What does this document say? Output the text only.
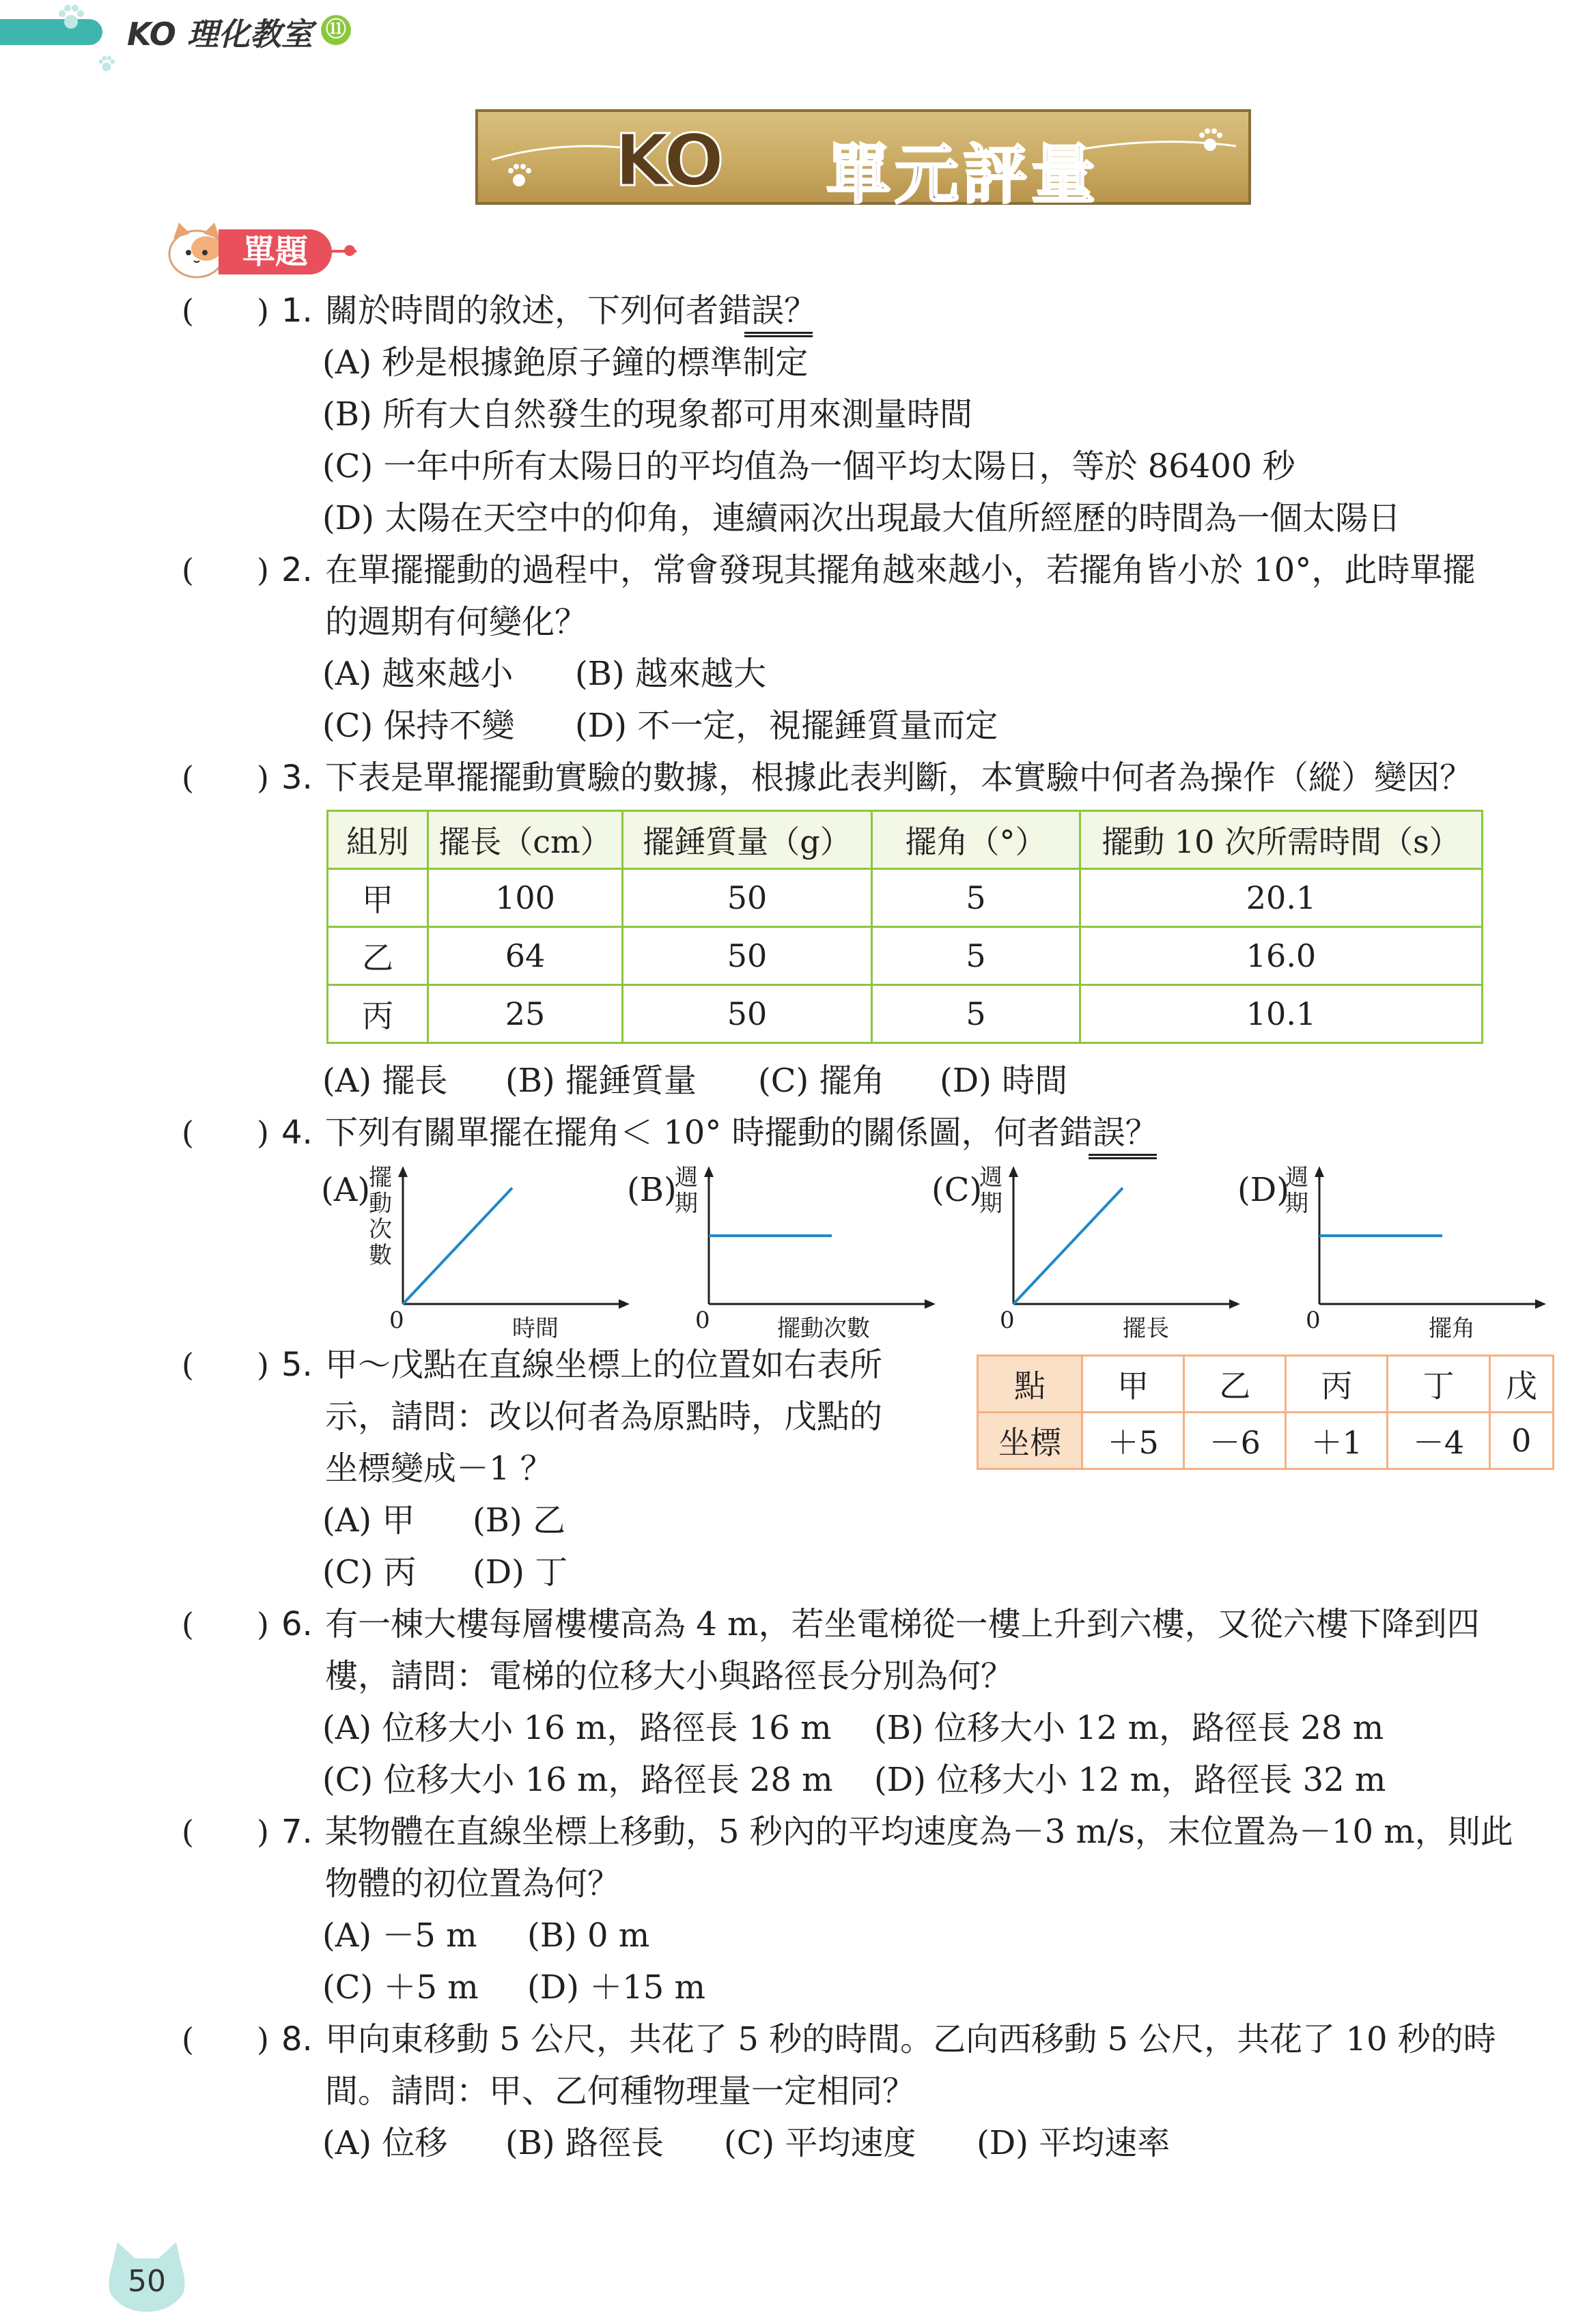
KO 理化教室 ⑪
KO 單元評量
單題
(　　) 1. 關於時間的敘述，下列何者錯誤？
(A) 秒是根據銫原子鐘的標準制定
(B) 所有大自然發生的現象都可用來測量時間
(C) 一年中所有太陽日的平均值為一個平均太陽日，等於 86400 秒
(D) 太陽在天空中的仰角，連續兩次出現最大值所經歷的時間為一個太陽日
(　　) 2. 在單擺擺動的過程中，常會發現其擺角越來越小，若擺角皆小於 10°，此時單擺
的週期有何變化？
(A) 越來越小 (B) 越來越大
(C) 保持不變 (D) 不一定，視擺錘質量而定
(　　) 3. 下表是單擺擺動實驗的數據，根據此表判斷，本實驗中何者為操作（縱）變因？
組別	擺長（cm）	擺錘質量（g）	擺角（°）	擺動 10 次所需時間（s）
甲	100	50	5	20.1
乙	64	50	5	16.0
丙	25	50	5	10.1
(A) 擺長 (B) 擺錘質量 (C) 擺角 (D) 時間
(　　) 4. 下列有關單擺在擺角＜ 10° 時擺動的關係圖，何者錯誤？
(A)
擺動次數
0	時間
(B)
週期
0	擺動次數
(C)
週期
0	擺長
(D)
週期
0	擺角
(　　) 5. 甲～戊點在直線坐標上的位置如右表所
示，請問：改以何者為原點時，戊點的
坐標變成－1 ？
點	甲	乙	丙	丁	戊
坐標	＋5	－6	＋1	－4	0
(A) 甲 (B) 乙
(C) 丙 (D) 丁
(　　) 6. 有一棟大樓每層樓樓高為 4 m，若坐電梯從一樓上升到六樓，又從六樓下降到四
樓，請問：電梯的位移大小與路徑長分別為何？
(A) 位移大小 16 m，路徑長 16 m (B) 位移大小 12 m，路徑長 28 m
(C) 位移大小 16 m，路徑長 28 m (D) 位移大小 12 m，路徑長 32 m
(　　) 7. 某物體在直線坐標上移動，5 秒內的平均速度為－3 m/s，末位置為－10 m，則此
物體的初位置為何？
(A) －5 m (B) 0 m
(C) ＋5 m (D) ＋15 m
(　　) 8. 甲向東移動 5 公尺，共花了 5 秒的時間。乙向西移動 5 公尺，共花了 10 秒的時
間。請問：甲、乙何種物理量一定相同？
(A) 位移 (B) 路徑長 (C) 平均速度 (D) 平均速率
50
